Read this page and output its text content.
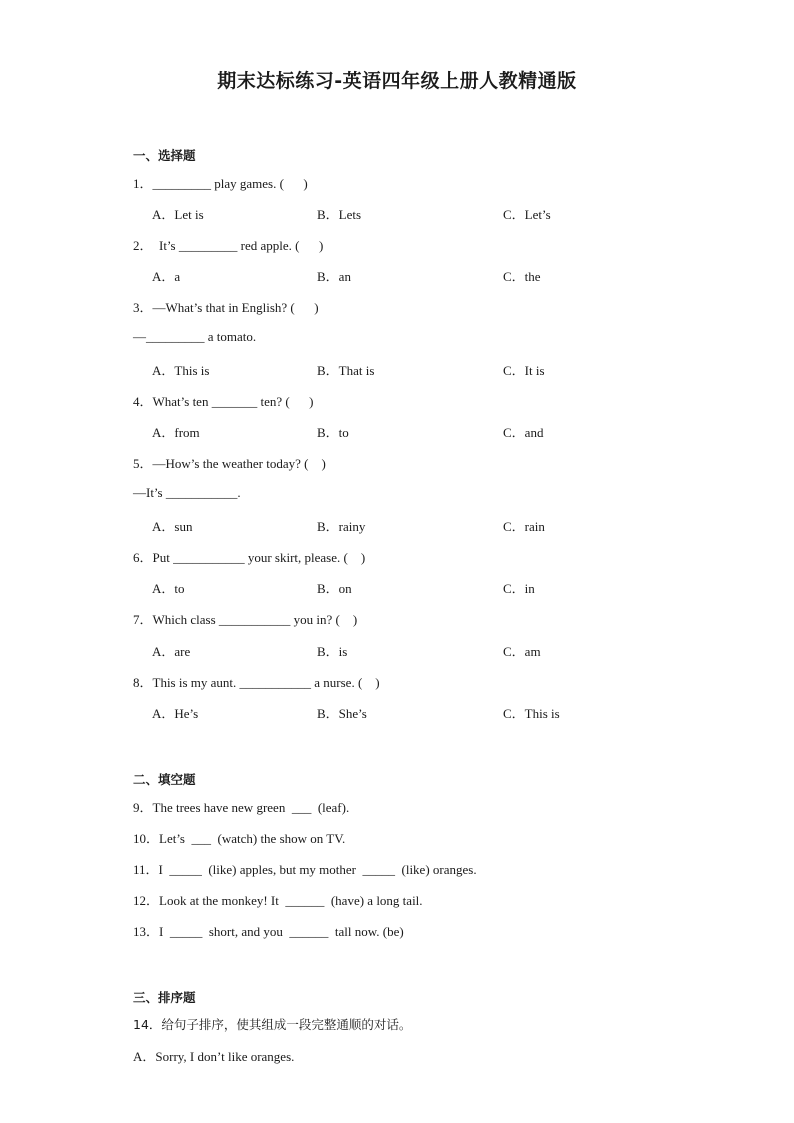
期末达标练习-英语四年级上册人教精通版
一、选择题
1．_________ play games. (      )
A．Let is	B．Lets	C．Let’s
2．  It’s _________ red apple. (      )
A．a	B．an	C．the
3．—What’s that in English? (      )
—_________ a tomato.
A．This is	B．That is	C．It is
4．What’s ten _______ ten? (      )
A．from	B．to	C．and
5．—How’s the weather today? (    )
—It’s ___________.
A．sun	B．rainy	C．rain
6．Put ___________ your skirt, please. (    )
A．to	B．on	C．in
7．Which class ___________ you in? (    )
A．are	B．is	C．am
8．This is my aunt. ___________ a nurse. (    )
A．He’s	B．She’s	C．This is
二、填空题
9．The trees have new green  ___  (leaf).
10．Let’s  ___  (watch) the show on TV.
11．I  _____  (like) apples, but my mother  _____  (like) oranges.
12．Look at the monkey! It  ______  (have) a long tail.
13．I  _____  short, and you  ______  tall now. (be)
三、排序题
14．给句子排序，使其组成一段完整通顺的对话。
A．Sorry, I don’t like oranges.
